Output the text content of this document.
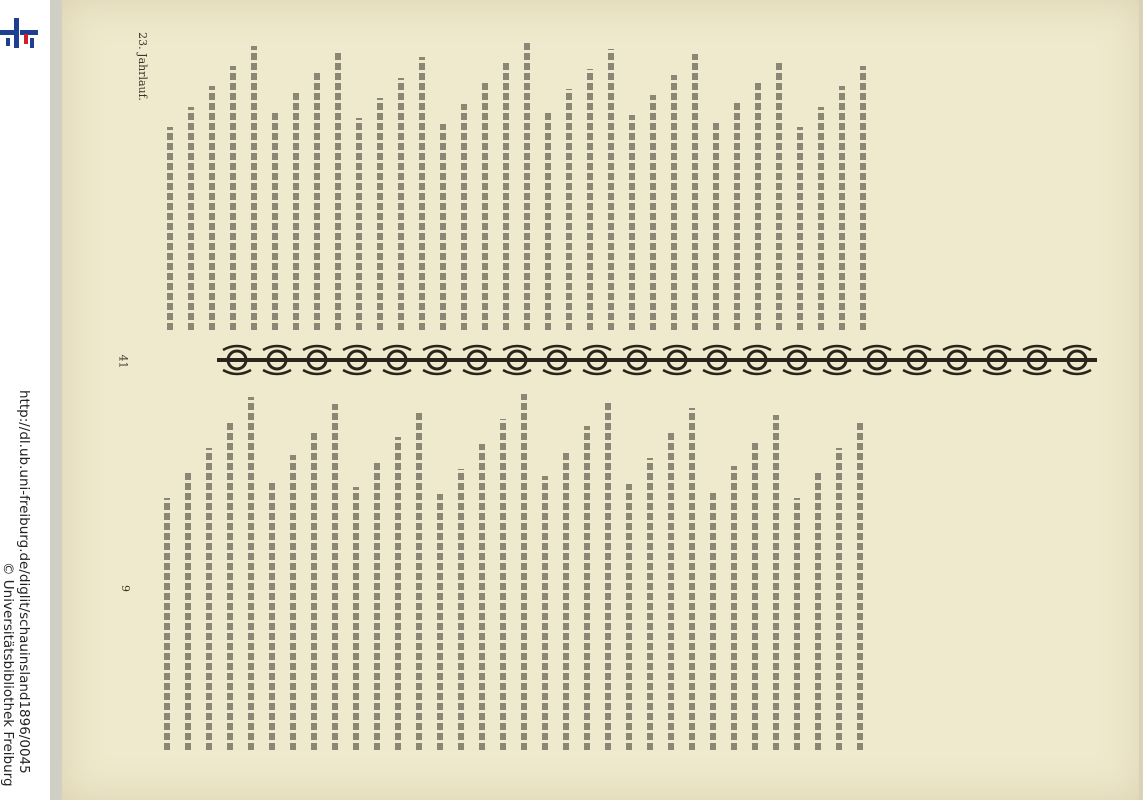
http://dl.ub.uni-freiburg.de/diglit/schauinsland1896/0045
© Universitätsbibliothek Freiburg
23. Jahrlauf.
41
9
